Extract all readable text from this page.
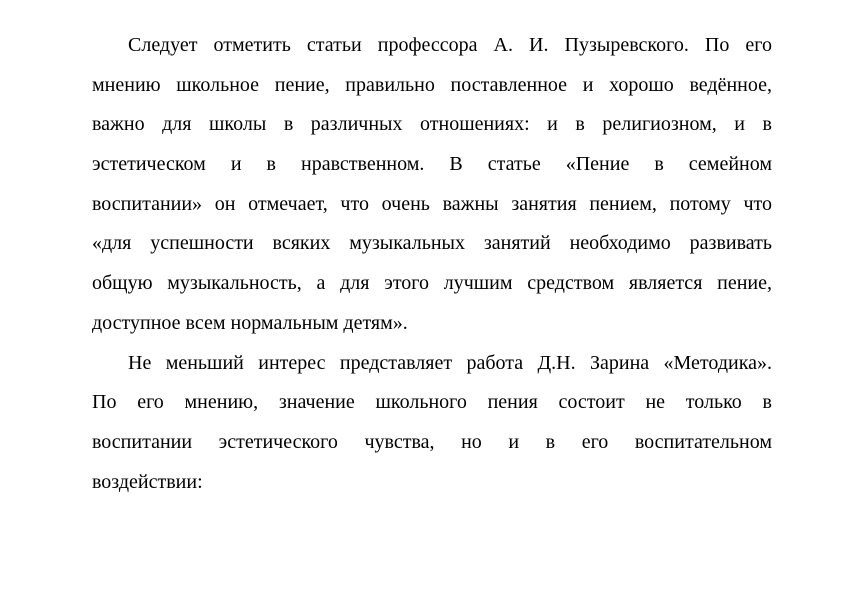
Следует отметить статьи профессора А. И. Пузыревского. По его
мнению школьное пение, правильно поставленное и хорошо ведённое,
важно для школы в различных отношениях: и в религиозном, и в
эстетическом и в нравственном. В статье «Пение в семейном
воспитании» он отмечает, что очень важны занятия пением, потому что
«для успешности всяких музыкальных занятий необходимо развивать
общую музыкальность, а для этого лучшим средством является пение,
доступное всем нормальным детям».
Не меньший интерес представляет работа Д.Н. Зарина «Методика».
По его мнению, значение школьного пения состоит не только в
воспитании эстетического чувства, но и в его воспитательном
воздействии:
